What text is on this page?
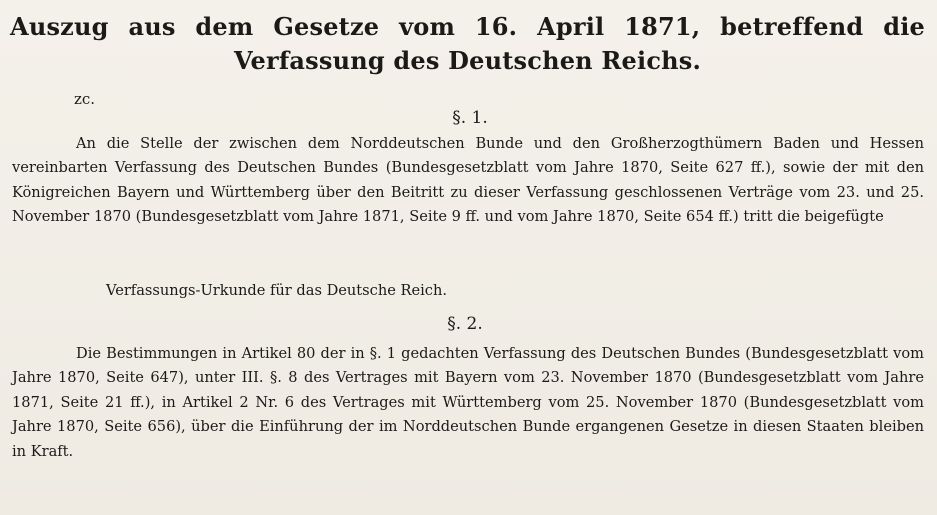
Auszug aus dem Gesetze vom 16. April 1871, betreffend die Verfassung des Deutschen Reichs.
zc.
§. 1.

An die Stelle der zwischen dem Norddeutschen Bunde und den Großherzogthümern Baden und Hessen vereinbarten Verfassung des Deutschen Bundes (Bundesgesetzblatt vom Jahre 1870, Seite 627 ff.), sowie der mit den Königreichen Bayern und Württemberg über den Beitritt zu dieser Verfassung geschlossenen Verträge vom 23. und 25. November 1870 (Bundesgesetzblatt vom Jahre 1871, Seite 9 ff. und vom Jahre 1870, Seite 654 ff.) tritt die beigefügte

Verfassungs-Urkunde für das Deutsche Reich.
§. 2.

Die Bestimmungen in Artikel 80 der in §. 1 gedachten Verfassung des Deutschen Bundes (Bundesgesetzblatt vom Jahre 1870, Seite 647), unter III. §. 8 des Vertrages mit Bayern vom 23. November 1870 (Bundesgesetzblatt vom Jahre 1871, Seite 21 ff.), in Artikel 2 Nr. 6 des Vertrages mit Württemberg vom 25. November 1870 (Bundesgesetzblatt vom Jahre 1870, Seite 656), über die Einführung der im Norddeutschen Bunde ergangenen Gesetze in diesen Staaten bleiben in Kraft.
